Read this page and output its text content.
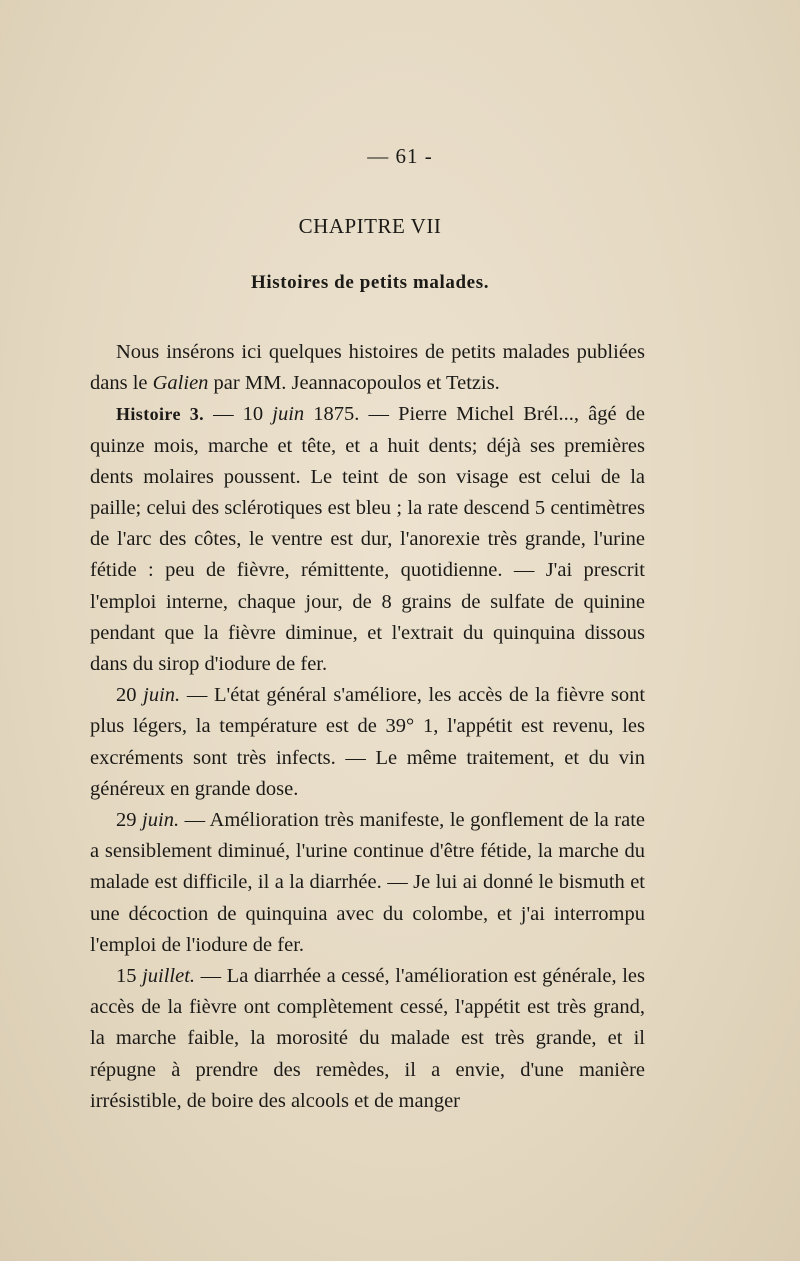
— 61 -
CHAPITRE VII
Histoires de petits malades.

Nous insérons ici quelques histoires de petits malades publiées dans le Galien par MM. Jeannacopoulos et Tetzis.

Histoire 3. — 10 juin 1875. — Pierre Michel Brél..., âgé de quinze mois, marche et tête, et a huit dents; déjà ses premières dents molaires poussent. Le teint de son visage est celui de la paille; celui des sclérotiques est bleu ; la rate descend 5 centimètres de l'arc des côtes, le ventre est dur, l'anorexie très grande, l'urine fétide : peu de fièvre, rémittente, quotidienne. — J'ai prescrit l'emploi interne, chaque jour, de 8 grains de sulfate de quinine pendant que la fièvre diminue, et l'extrait du quinquina dissous dans du sirop d'iodure de fer.

20 juin. — L'état général s'améliore, les accès de la fièvre sont plus légers, la température est de 39° 1, l'appétit est revenu, les excréments sont très infects. — Le même traitement, et du vin généreux en grande dose.

29 juin. — Amélioration très manifeste, le gonflement de la rate a sensiblement diminué, l'urine continue d'être fétide, la marche du malade est difficile, il a la diarrhée. — Je lui ai donné le bismuth et une décoction de quinquina avec du colombe, et j'ai interrompu l'emploi de l'iodure de fer.

15 juillet. — La diarrhée a cessé, l'amélioration est générale, les accès de la fièvre ont complètement cessé, l'appétit est très grand, la marche faible, la morosité du malade est très grande, et il répugne à prendre des remèdes, il a envie, d'une manière irrésistible, de boire des alcools et de manger
